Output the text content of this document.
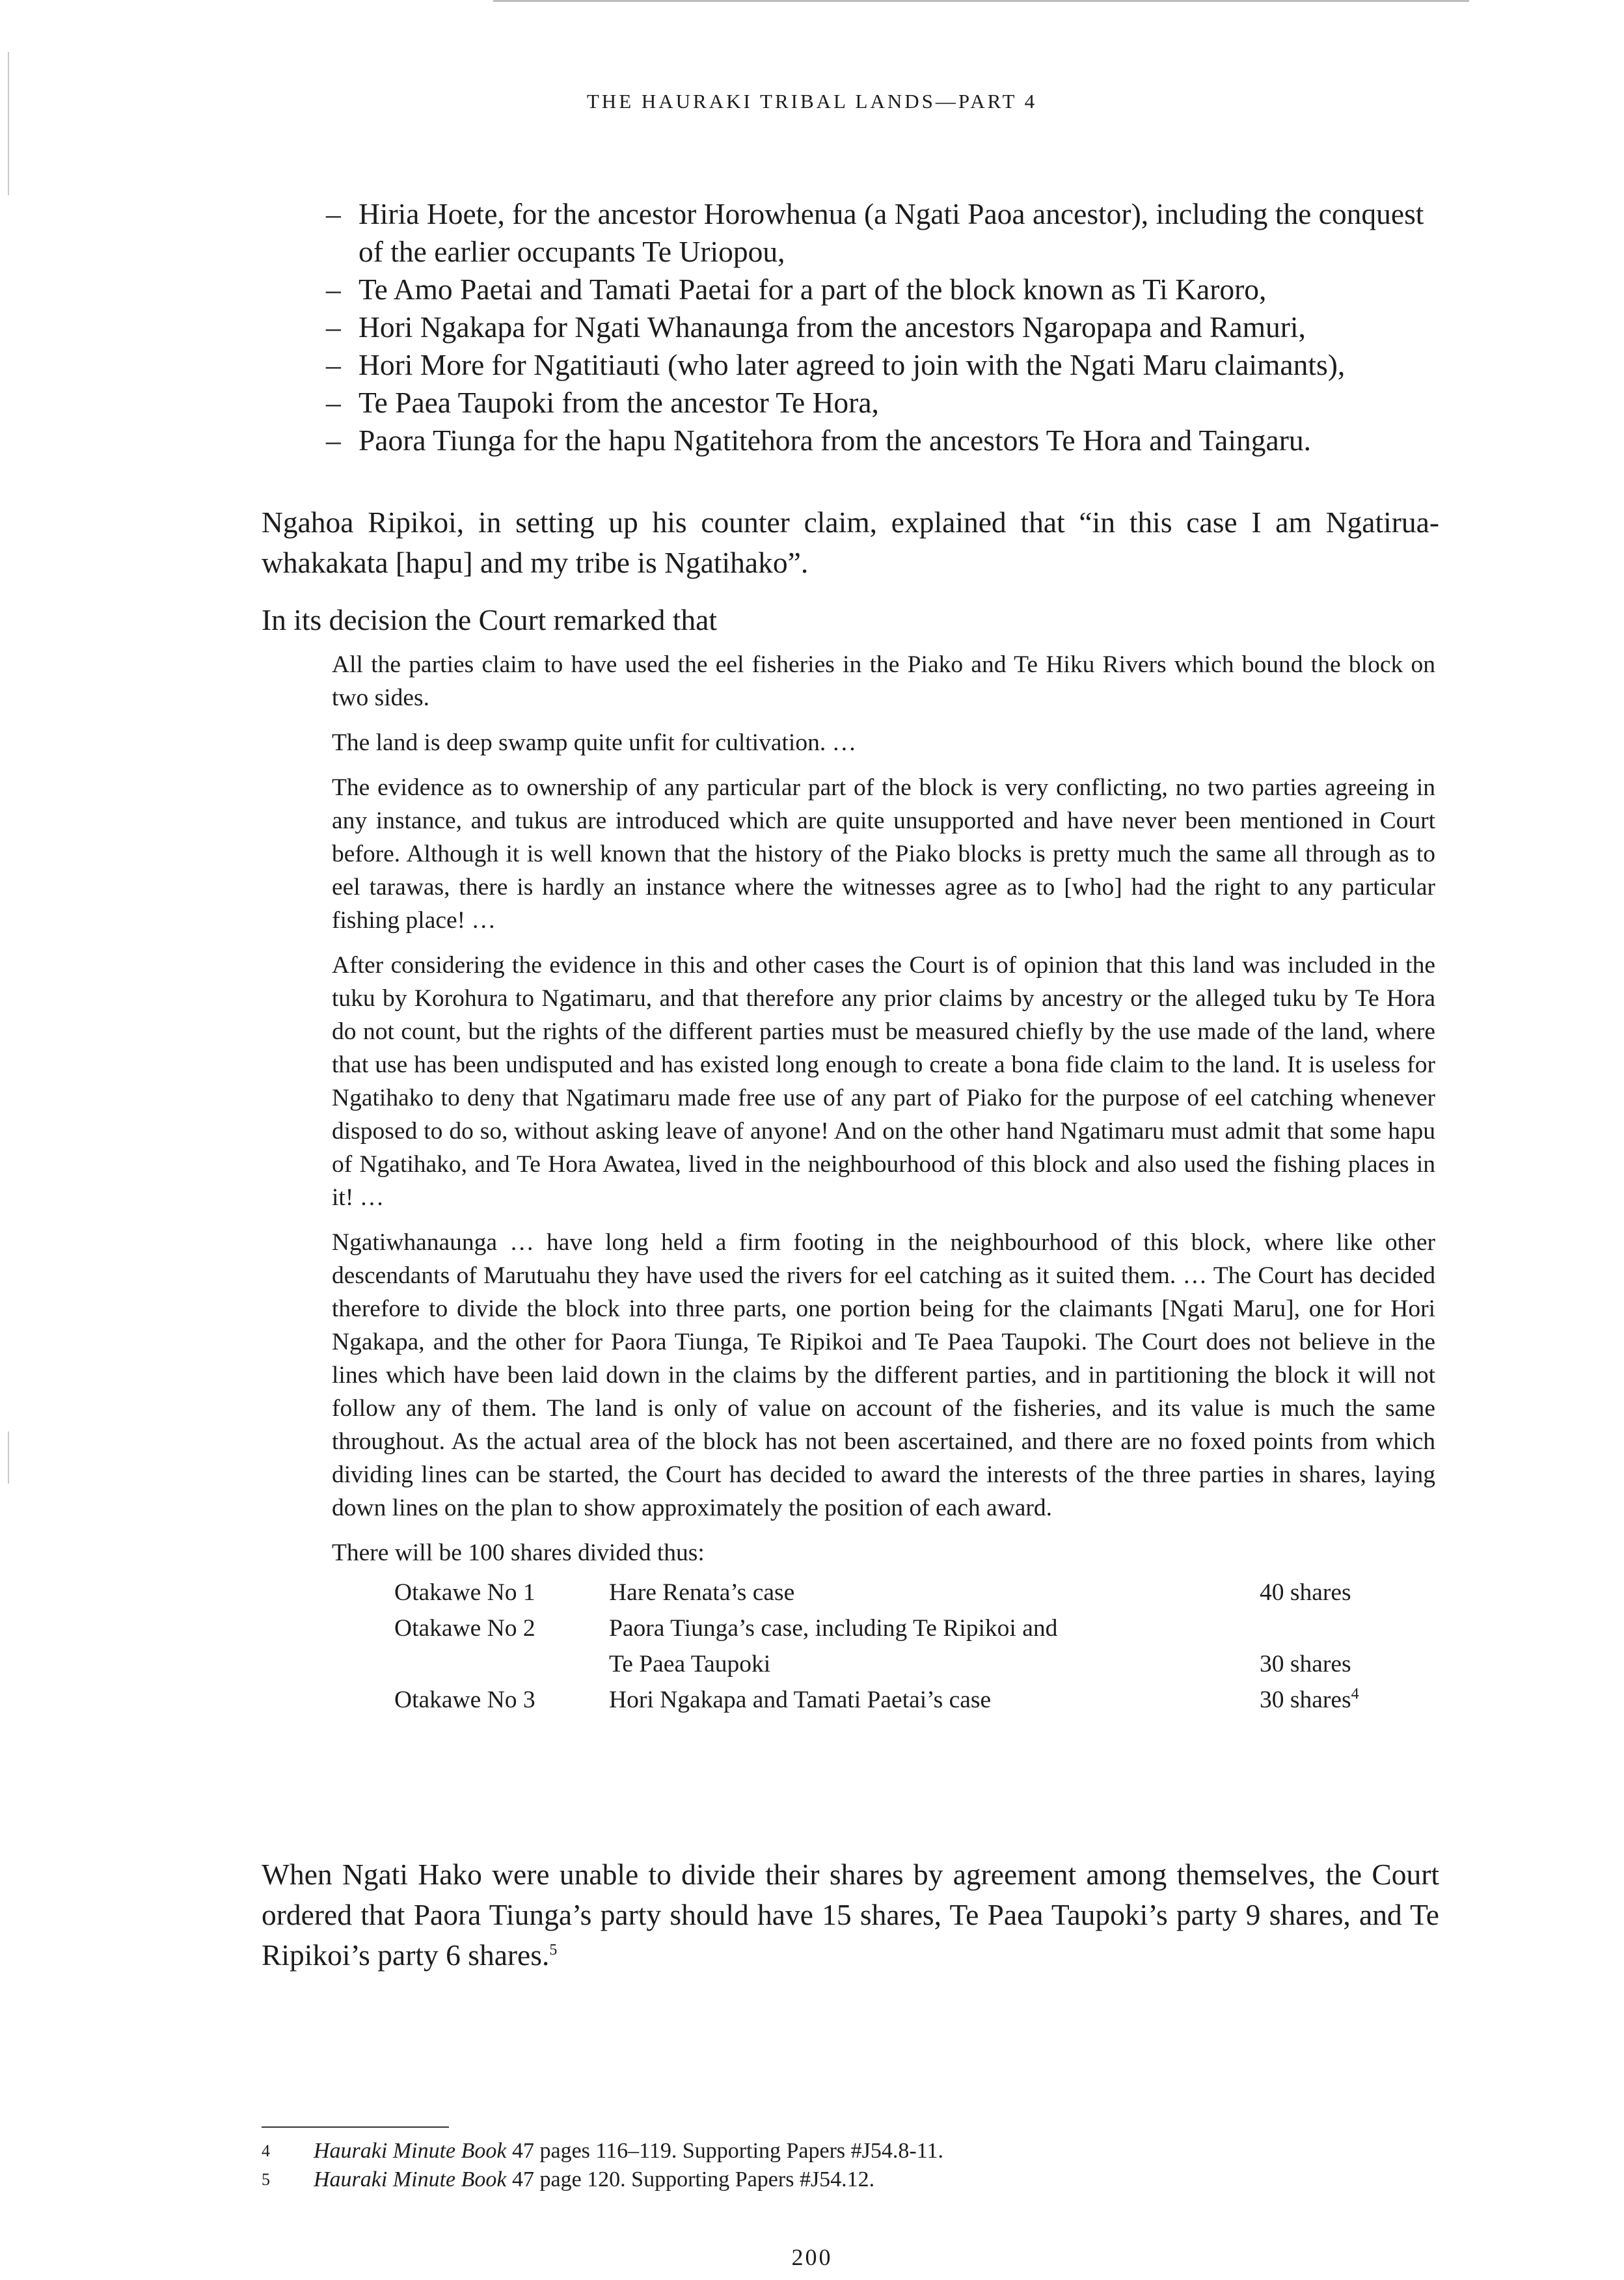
THE HAURAKI TRIBAL LANDS—PART 4
– Hiria Hoete, for the ancestor Horowhenua (a Ngati Paoa ancestor), including the conquest of the earlier occupants Te Uriopou,
– Te Amo Paetai and Tamati Paetai for a part of the block known as Ti Karoro,
– Hori Ngakapa for Ngati Whanaunga from the ancestors Ngaropapa and Ramuri,
– Hori More for Ngatitiauti (who later agreed to join with the Ngati Maru claimants),
– Te Paea Taupoki from the ancestor Te Hora,
– Paora Tiunga for the hapu Ngatitehora from the ancestors Te Hora and Taingaru.

Ngahoa Ripikoi, in setting up his counter claim, explained that “in this case I am Ngatirua-whakakata [hapu] and my tribe is Ngatihako”.

In its decision the Court remarked that

All the parties claim to have used the eel fisheries in the Piako and Te Hiku Rivers which bound the block on two sides.

The land is deep swamp quite unfit for cultivation. …

The evidence as to ownership of any particular part of the block is very conflicting, no two parties agreeing in any instance, and tukus are introduced which are quite unsupported and have never been mentioned in Court before. Although it is well known that the history of the Piako blocks is pretty much the same all through as to eel tarawas, there is hardly an instance where the witnesses agree as to [who] had the right to any particular fishing place! …

After considering the evidence in this and other cases the Court is of opinion that this land was included in the tuku by Korohura to Ngatimaru, and that therefore any prior claims by ancestry or the alleged tuku by Te Hora do not count, but the rights of the different parties must be measured chiefly by the use made of the land, where that use has been undisputed and has existed long enough to create a bona fide claim to the land. It is useless for Ngatihako to deny that Ngatimaru made free use of any part of Piako for the purpose of eel catching whenever disposed to do so, without asking leave of anyone! And on the other hand Ngatimaru must admit that some hapu of Ngatihako, and Te Hora Awatea, lived in the neighbourhood of this block and also used the fishing places in it! …

Ngatiwhanaunga … have long held a firm footing in the neighbourhood of this block, where like other descendants of Marutuahu they have used the rivers for eel catching as it suited them. … The Court has decided therefore to divide the block into three parts, one portion being for the claimants [Ngati Maru], one for Hori Ngakapa, and the other for Paora Tiunga, Te Ripikoi and Te Paea Taupoki. The Court does not believe in the lines which have been laid down in the claims by the different parties, and in partitioning the block it will not follow any of them. The land is only of value on account of the fisheries, and its value is much the same throughout. As the actual area of the block has not been ascertained, and there are no foxed points from which dividing lines can be started, the Court has decided to award the interests of the three parties in shares, laying down lines on the plan to show approximately the position of each award.

There will be 100 shares divided thus:

Otakawe No 1	Hare Renata’s case	40 shares
Otakawe No 2	Paora Tiunga’s case, including Te Ripikoi and	
	Te Paea Taupoki	30 shares
Otakawe No 3	Hori Ngakapa and Tamati Paetai’s case	30 shares$^4$

When Ngati Hako were unable to divide their shares by agreement among themselves, the Court ordered that Paora Tiunga’s party should have 15 shares, Te Paea Taupoki’s party 9 shares, and Te Ripikoi’s party 6 shares.$^5$

4	Hauraki Minute Book 47 pages 116–119. Supporting Papers #J54.8-11.
5	Hauraki Minute Book 47 page 120. Supporting Papers #J54.12.
200
